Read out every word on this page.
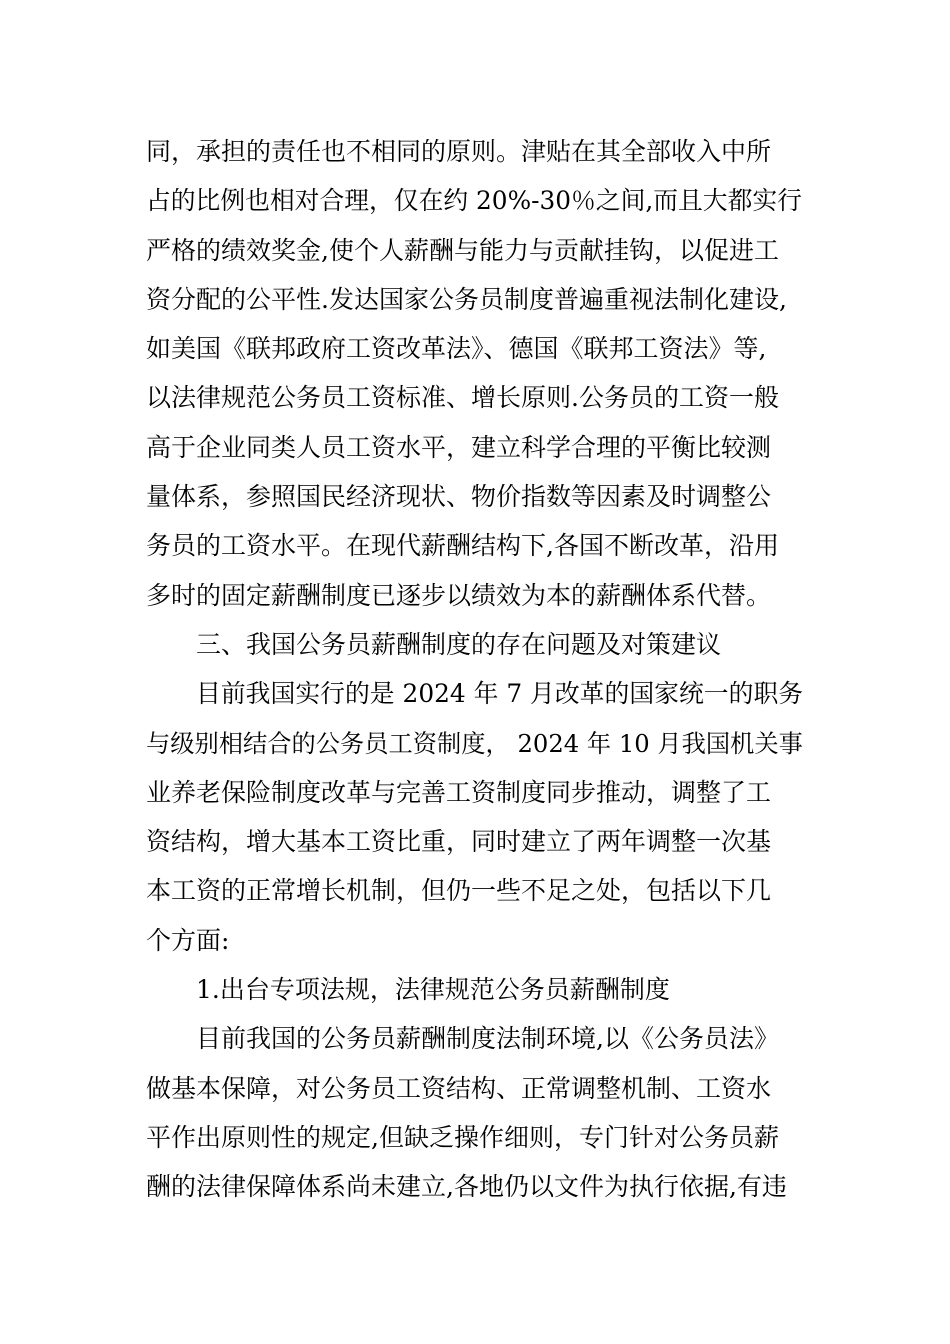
同，承担的责任也不相同的原则。津贴在其全部收入中所
占的比例也相对合理，仅在约 20%-30％之间,而且大都实行
严格的绩效奖金,使个人薪酬与能力与贡献挂钩，以促进工
资分配的公平性.发达国家公务员制度普遍重视法制化建设,
如美国《联邦政府工资改革法》、德国《联邦工资法》等,
以法律规范公务员工资标准、增长原则.公务员的工资一般
高于企业同类人员工资水平，建立科学合理的平衡比较测
量体系，参照国民经济现状、物价指数等因素及时调整公
务员的工资水平。在现代薪酬结构下,各国不断改革，沿用
多时的固定薪酬制度已逐步以绩效为本的薪酬体系代替。
三、我国公务员薪酬制度的存在问题及对策建议
目前我国实行的是 2024 年 7 月改革的国家统一的职务
与级别相结合的公务员工资制度， 2024 年 10 月我国机关事
业养老保险制度改革与完善工资制度同步推动，调整了工
资结构，增大基本工资比重，同时建立了两年调整一次基
本工资的正常增长机制，但仍一些不足之处，包括以下几
个方面:
1.出台专项法规，法律规范公务员薪酬制度
目前我国的公务员薪酬制度法制环境,以《公务员法》
做基本保障，对公务员工资结构、正常调整机制、工资水
平作出原则性的规定,但缺乏操作细则，专门针对公务员薪
酬的法律保障体系尚未建立,各地仍以文件为执行依据,有违
